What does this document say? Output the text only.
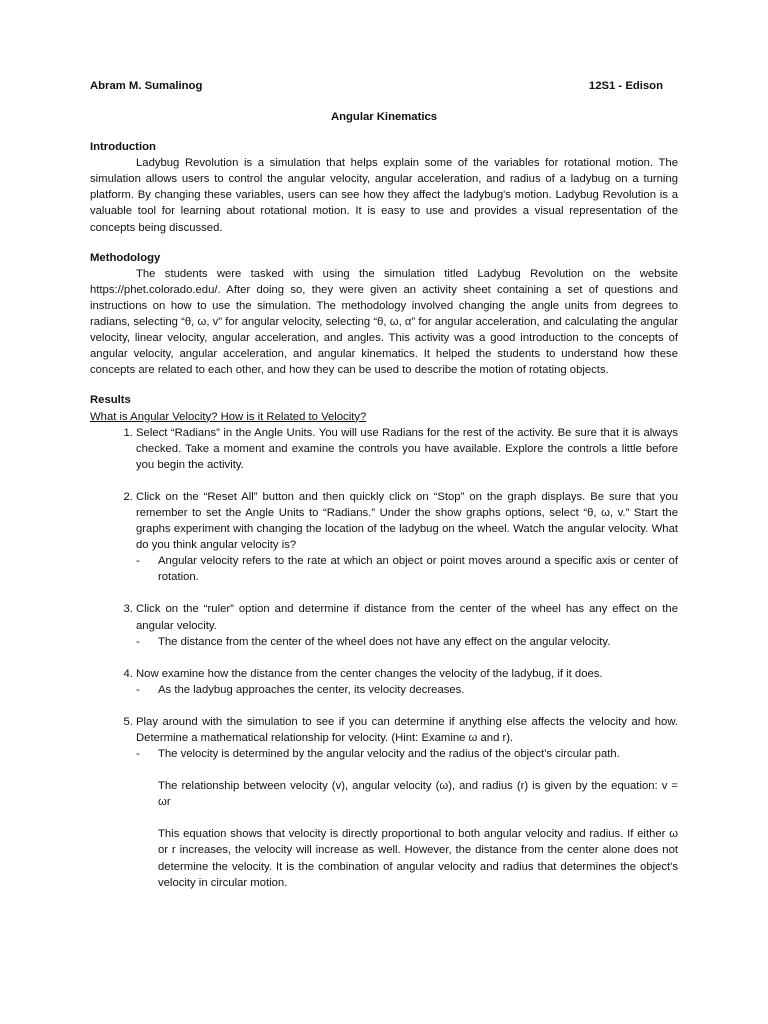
Abram M. Sumalinog	12S1 - Edison
Angular Kinematics
Introduction

Ladybug Revolution is a simulation that helps explain some of the variables for rotational motion. The simulation allows users to control the angular velocity, angular acceleration, and radius of a ladybug on a turning platform. By changing these variables, users can see how they affect the ladybug's motion. Ladybug Revolution is a valuable tool for learning about rotational motion. It is easy to use and provides a visual representation of the concepts being discussed.

Methodology

The students were tasked with using the simulation titled Ladybug Revolution on the website https://phet.colorado.edu/. After doing so, they were given an activity sheet containing a set of questions and instructions on how to use the simulation. The methodology involved changing the angle units from degrees to radians, selecting “θ, ω, v” for angular velocity, selecting “θ, ω, α” for angular acceleration, and calculating the angular velocity, linear velocity, angular acceleration, and angles. This activity was a good introduction to the concepts of angular velocity, angular acceleration, and angular kinematics. It helped the students to understand how these concepts are related to each other, and how they can be used to describe the motion of rotating objects.

Results

What is Angular Velocity? How is it Related to Velocity?

1. Select “Radians” in the Angle Units. You will use Radians for the rest of the activity. Be sure that it is always checked. Take a moment and examine the controls you have available. Explore the controls a little before you begin the activity.
2. Click on the “Reset All” button and then quickly click on “Stop” on the graph displays. Be sure that you remember to set the Angle Units to “Radians.” Under the show graphs options, select “θ, ω, v.” Start the graphs experiment with changing the location of the ladybug on the wheel. Watch the angular velocity. What do you think angular velocity is?
- Angular velocity refers to the rate at which an object or point moves around a specific axis or center of rotation.

3. Click on the “ruler” option and determine if distance from the center of the wheel has any effect on the angular velocity.
- The distance from the center of the wheel does not have any effect on the angular velocity.

4. Now examine how the distance from the center changes the velocity of the ladybug, if it does.
- As the ladybug approaches the center, its velocity decreases.

5. Play around with the simulation to see if you can determine if anything else affects the velocity and how. Determine a mathematical relationship for velocity. (Hint: Examine ω and r).
- The velocity is determined by the angular velocity and the radius of the object's circular path.

The relationship between velocity (v), angular velocity (ω), and radius (r) is given by the equation: v = ωr

This equation shows that velocity is directly proportional to both angular velocity and radius. If either ω or r increases, the velocity will increase as well. However, the distance from the center alone does not determine the velocity. It is the combination of angular velocity and radius that determines the object's velocity in circular motion.
